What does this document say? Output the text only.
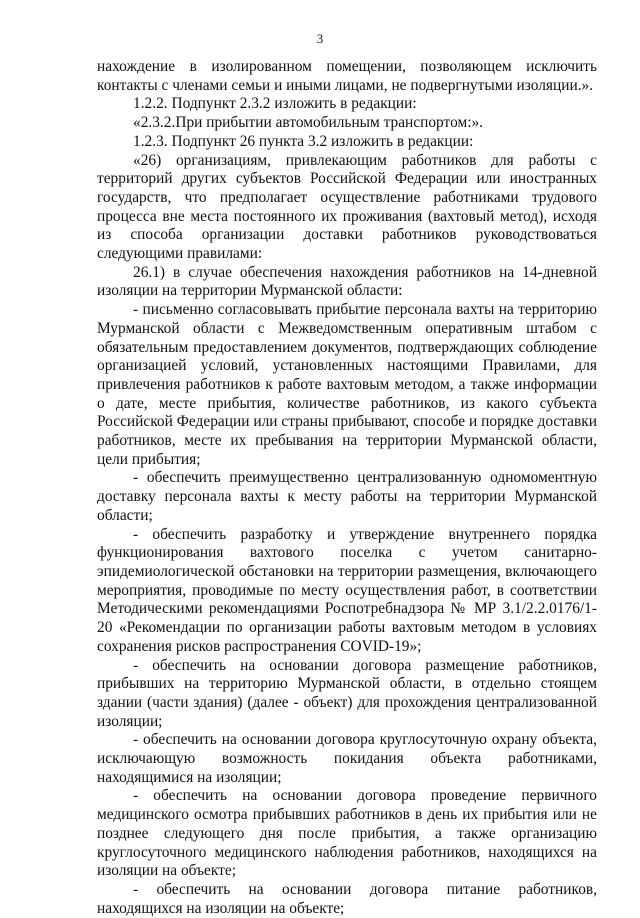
3

нахождение в изолированном помещении, позволяющем исключить контакты с членами семьи и иными лицами, не подвергнутыми изоляции.».

1.2.2. Подпункт 2.3.2 изложить в редакции:

«2.3.2.При прибытии автомобильным транспортом:».

1.2.3. Подпункт 26 пункта 3.2 изложить в редакции:

«26) организациям, привлекающим работников для работы с территорий других субъектов Российской Федерации или иностранных государств, что предполагает осуществление работниками трудового процесса вне места постоянного их проживания (вахтовый метод), исходя из способа организации доставки работников руководствоваться следующими правилами:

26.1) в случае обеспечения нахождения работников на 14-дневной изоляции на территории Мурманской области:

- письменно согласовывать прибытие персонала вахты на территорию Мурманской области с Межведомственным оперативным штабом с обязательным предоставлением документов, подтверждающих соблюдение организацией условий, установленных настоящими Правилами, для привлечения работников к работе вахтовым методом, а также информации о дате, месте прибытия, количестве работников, из какого субъекта Российской Федерации или страны прибывают, способе и порядке доставки работников, месте их пребывания на территории Мурманской области, цели прибытия;

- обеспечить преимущественно централизованную одномоментную доставку персонала вахты к месту работы на территории Мурманской области;

- обеспечить разработку и утверждение внутреннего порядка функционирования вахтового поселка с учетом санитарно-эпидемиологической обстановки на территории размещения, включающего мероприятия, проводимые по месту осуществления работ, в соответствии Методическими рекомендациями Роспотребнадзора № МР 3.1/2.2.0176/1-20 «Рекомендации по организации работы вахтовым методом в условиях сохранения рисков распространения COVID-19»;

- обеспечить на основании договора размещение работников, прибывших на территорию Мурманской области, в отдельно стоящем здании (части здания) (далее - объект) для прохождения централизованной изоляции;

- обеспечить на основании договора круглосуточную охрану объекта, исключающую возможность покидания объекта работниками, находящимися на изоляции;

- обеспечить на основании договора проведение первичного медицинского осмотра прибывших работников в день их прибытия или не позднее следующего дня после прибытия, а также организацию круглосуточного медицинского наблюдения работников, находящихся на изоляции на объекте;

- обеспечить на основании договора питание работников, находящихся на изоляции на объекте;
